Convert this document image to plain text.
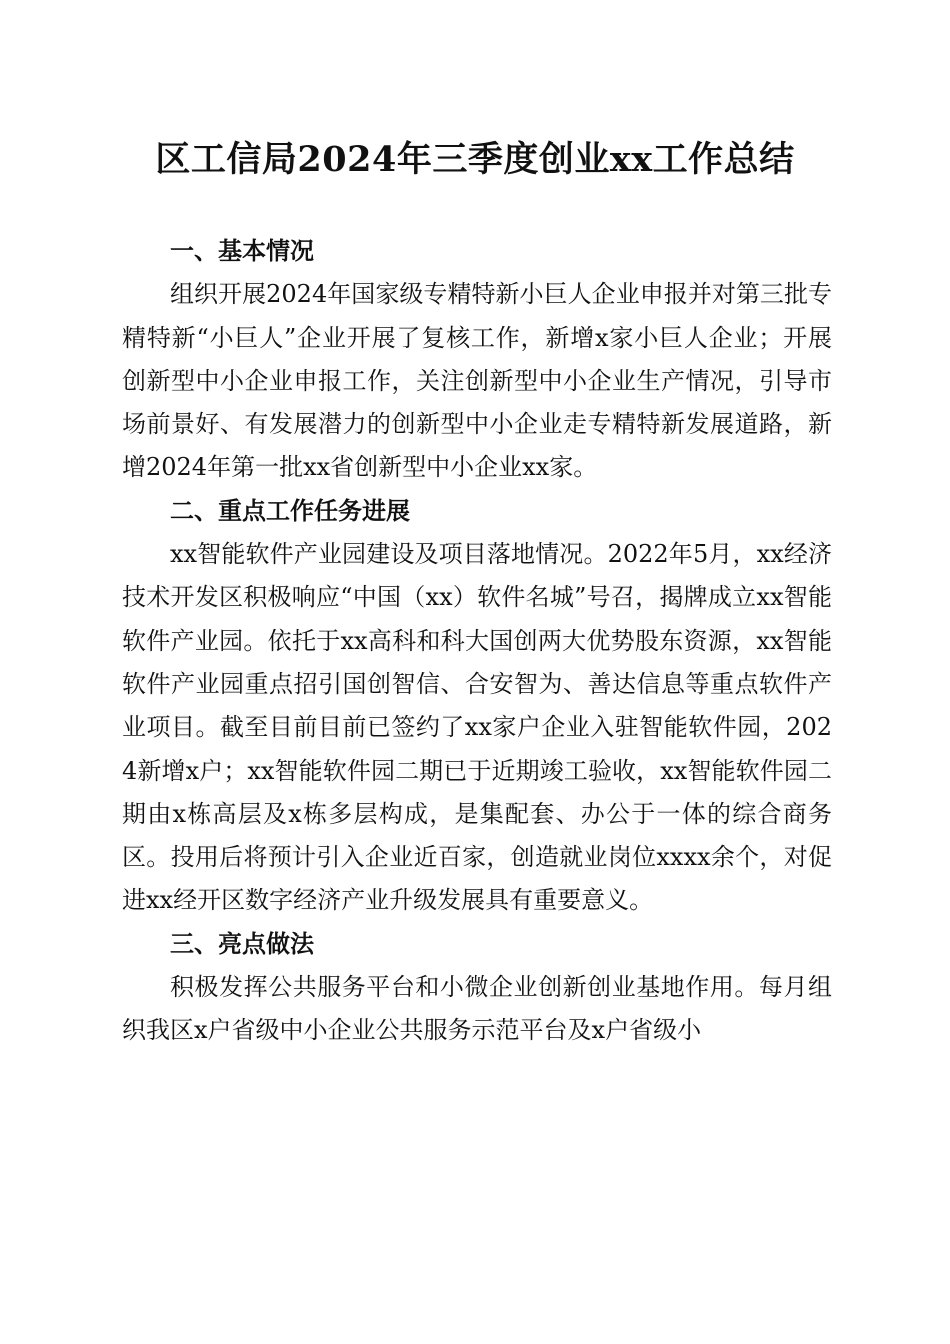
区工信局2024年三季度创业xx工作总结

一、基本情况

组织开展2024年国家级专精特新小巨人企业申报并对第三批专精特新“小巨人”企业开展了复核工作，新增x家小巨人企业；开展创新型中小企业申报工作，关注创新型中小企业生产情况，引导市场前景好、有发展潜力的创新型中小企业走专精特新发展道路，新增2024年第一批xx省创新型中小企业xx家。

二、重点工作任务进展

xx智能软件产业园建设及项目落地情况。2022年5月，xx经济技术开发区积极响应“中国（xx）软件名城”号召，揭牌成立xx智能软件产业园。依托于xx高科和科大国创两大优势股东资源，xx智能软件产业园重点招引国创智信、合安智为、善达信息等重点软件产业项目。截至目前目前已签约了xx家户企业入驻智能软件园，2024新增x户；xx智能软件园二期已于近期竣工验收，xx智能软件园二期由x栋高层及x栋多层构成，是集配套、办公于一体的综合商务区。投用后将预计引入企业近百家，创造就业岗位xxxx余个，对促进xx经开区数字经济产业升级发展具有重要意义。

三、亮点做法

积极发挥公共服务平台和小微企业创新创业基地作用。每月组织我区x户省级中小企业公共服务示范平台及x户省级小
